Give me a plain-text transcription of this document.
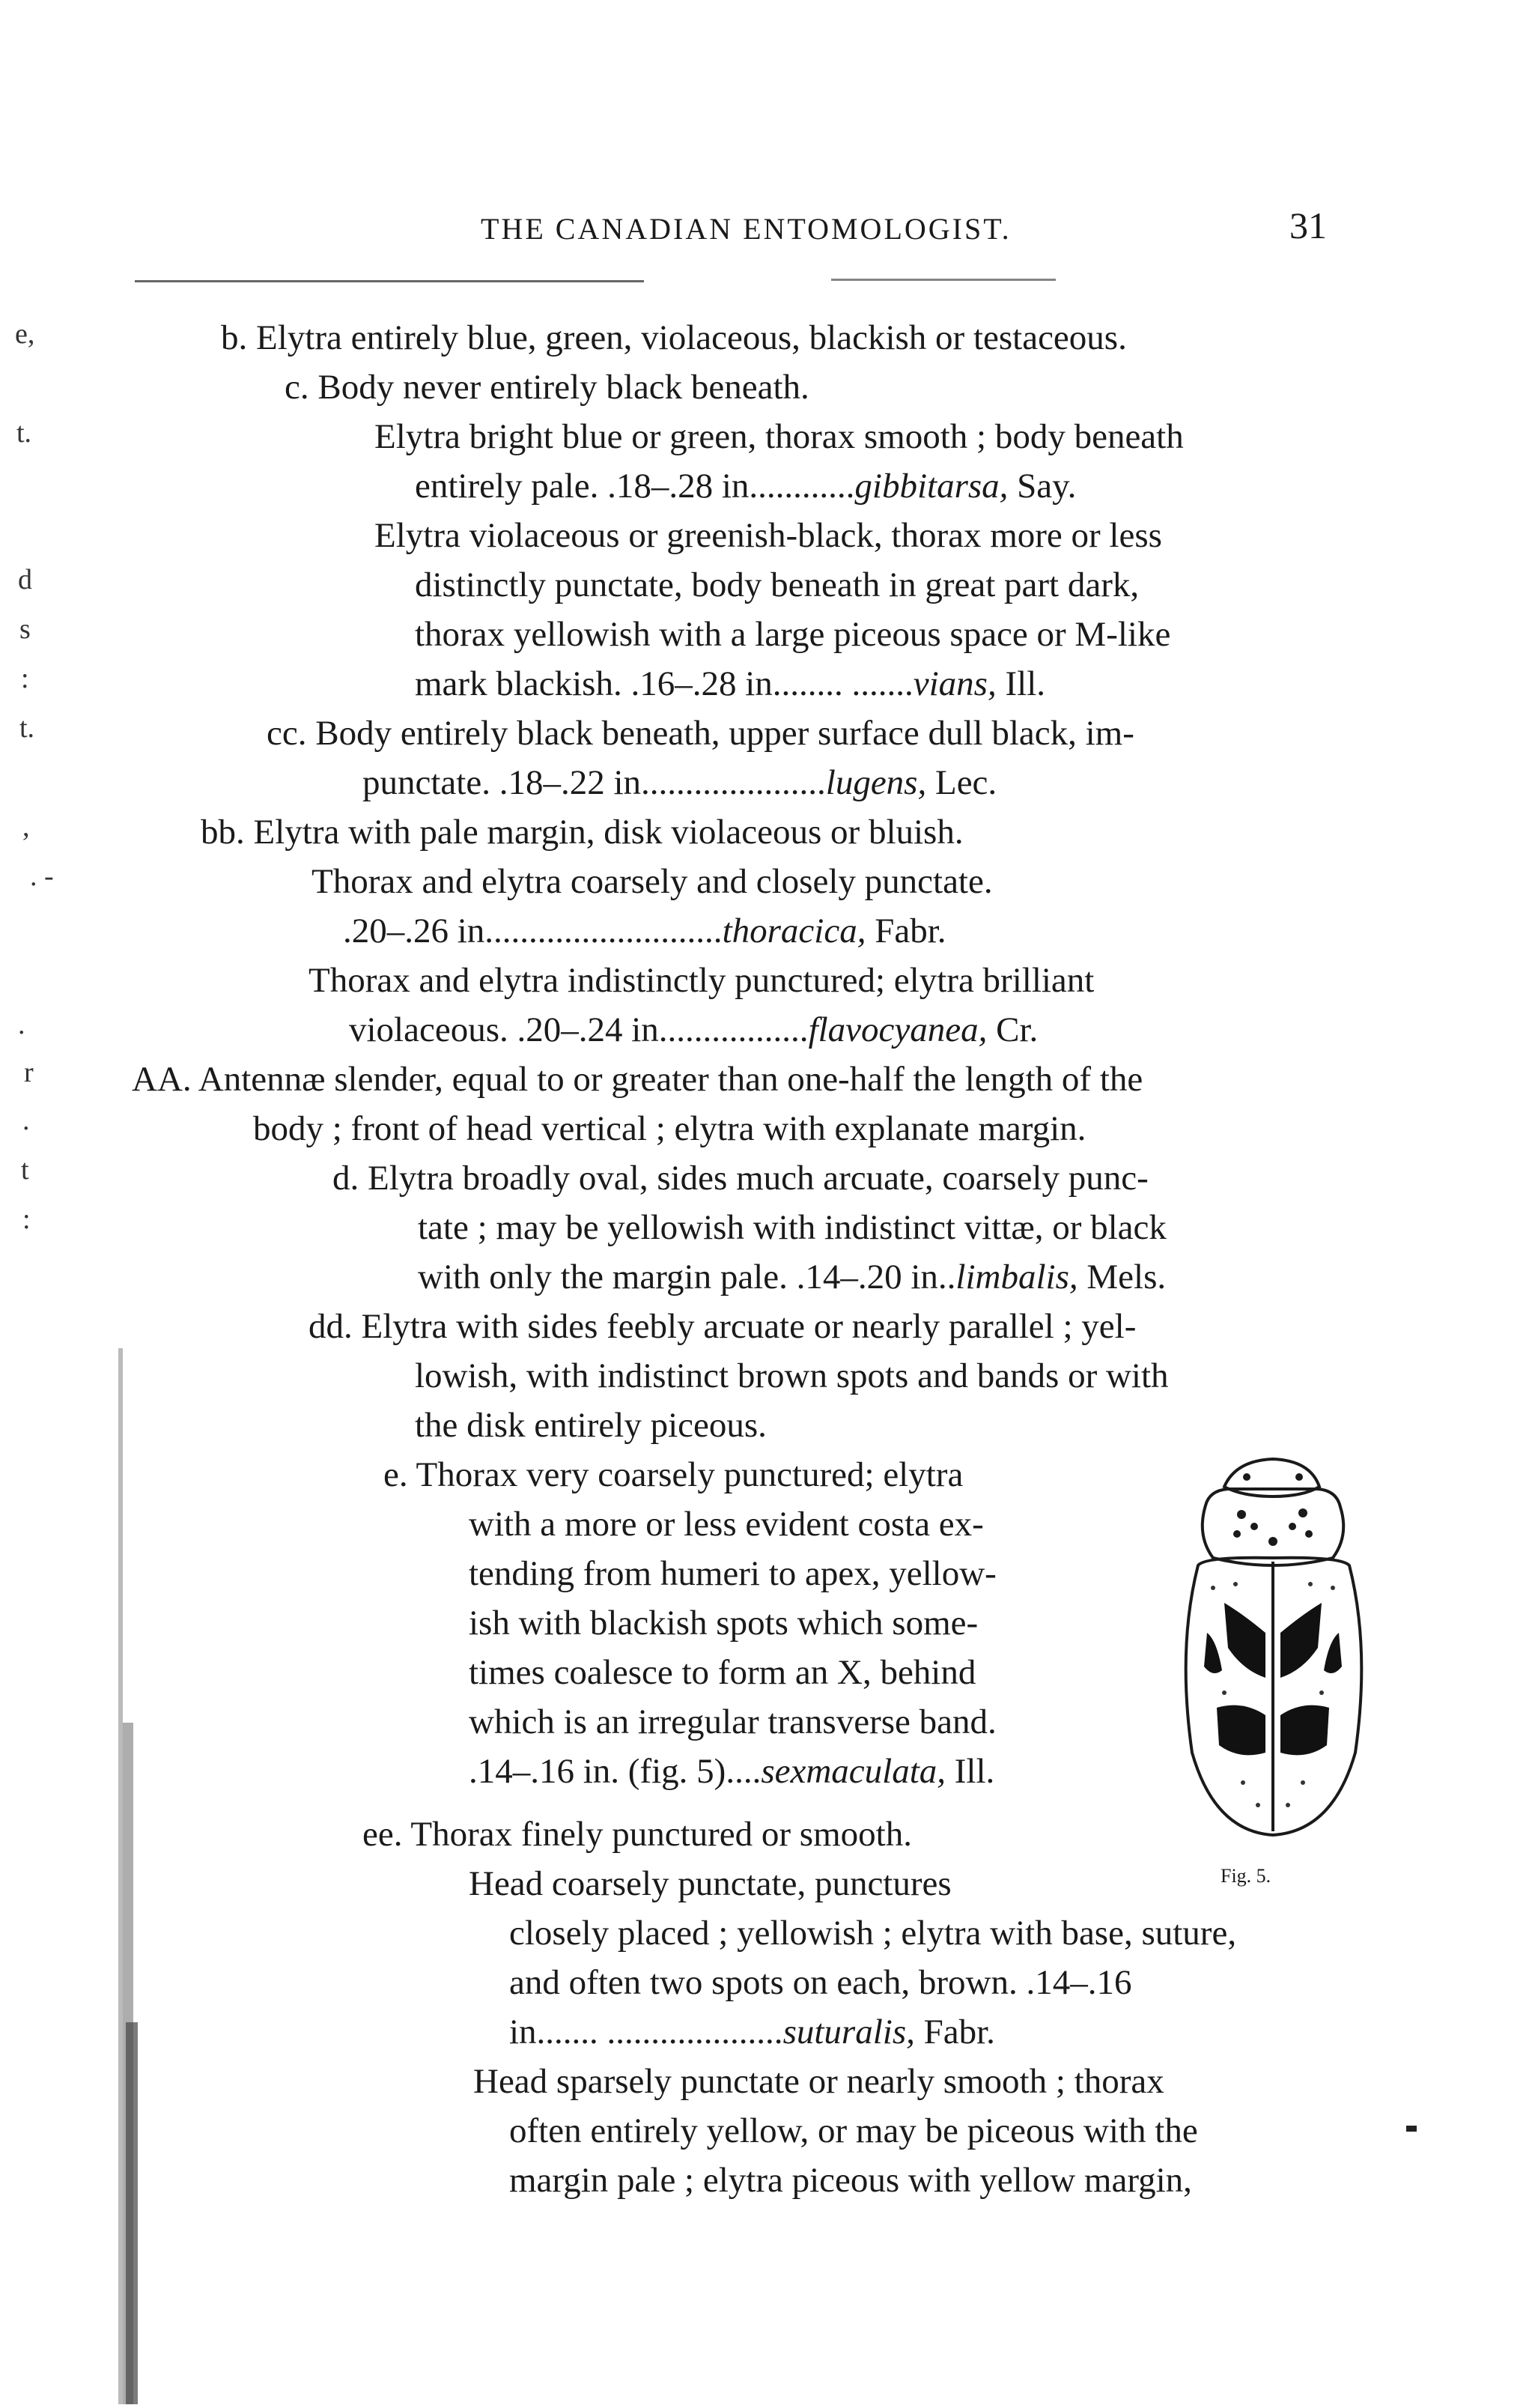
THE CANADIAN ENTOMOLOGIST.	31
e,
t.
d
s
:
t.
,
. -
.
r
.
t
:
b. Elytra entirely blue, green, violaceous, blackish or testaceous.
c. Body never entirely black beneath.
Elytra bright blue or green, thorax smooth ; body beneath
entirely pale. .18–.28 in............gibbitarsa, Say.
Elytra violaceous or greenish-black, thorax more or less
distinctly punctate, body beneath in great part dark,
thorax yellowish with a large piceous space or M-like
mark blackish. .16–.28 in........ .......vians, Ill.
cc. Body entirely black beneath, upper surface dull black, im-
punctate. .18–.22 in.....................lugens, Lec.
bb. Elytra with pale margin, disk violaceous or bluish.
Thorax and elytra coarsely and closely punctate.
.20–.26 in...........................thoracica, Fabr.
Thorax and elytra indistinctly punctured; elytra brilliant
violaceous. .20–.24 in.................flavocyanea, Cr.
AA. Antennæ slender, equal to or greater than one-half the length of the
body ; front of head vertical ; elytra with explanate margin.
d. Elytra broadly oval, sides much arcuate, coarsely punc-
tate ; may be yellowish with indistinct vittæ, or black
with only the margin pale. .14–.20 in..limbalis, Mels.
dd. Elytra with sides feebly arcuate or nearly parallel ; yel-
lowish, with indistinct brown spots and bands or with
the disk entirely piceous.
e. Thorax very coarsely punctured; elytra
with a more or less evident costa ex-
tending from humeri to apex, yellow-
ish with blackish spots which some-
times coalesce to form an X, behind
which is an irregular transverse band.
.14–.16 in. (fig. 5)....sexmaculata, Ill.
ee. Thorax finely punctured or smooth.
Head coarsely punctate, punctures
closely placed ; yellowish ; elytra with base, suture,
and often two spots on each, brown. .14–.16
in....... ....................suturalis, Fabr.
Head sparsely punctate or nearly smooth ; thorax
often entirely yellow, or may be piceous with the
margin pale ; elytra piceous with yellow margin,
Fig. 5.
